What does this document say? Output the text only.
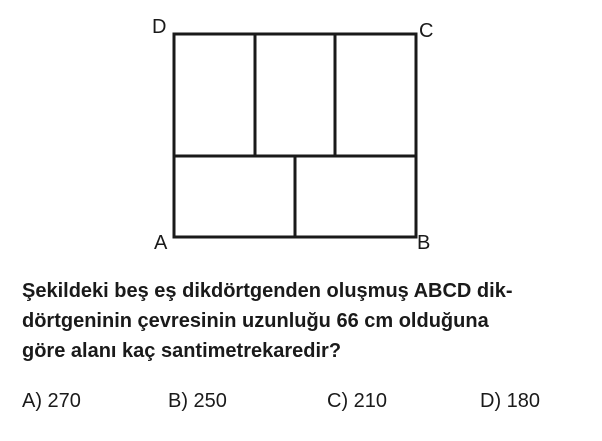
D	C
A	B

Şekildeki beş eş dikdörtgenden oluşmuş ABCD dik-
dörtgeninin çevresinin uzunluğu 66 cm olduğuna
göre alanı kaç santimetrekaredir?

A) 270	B) 250	C) 210	D) 180
